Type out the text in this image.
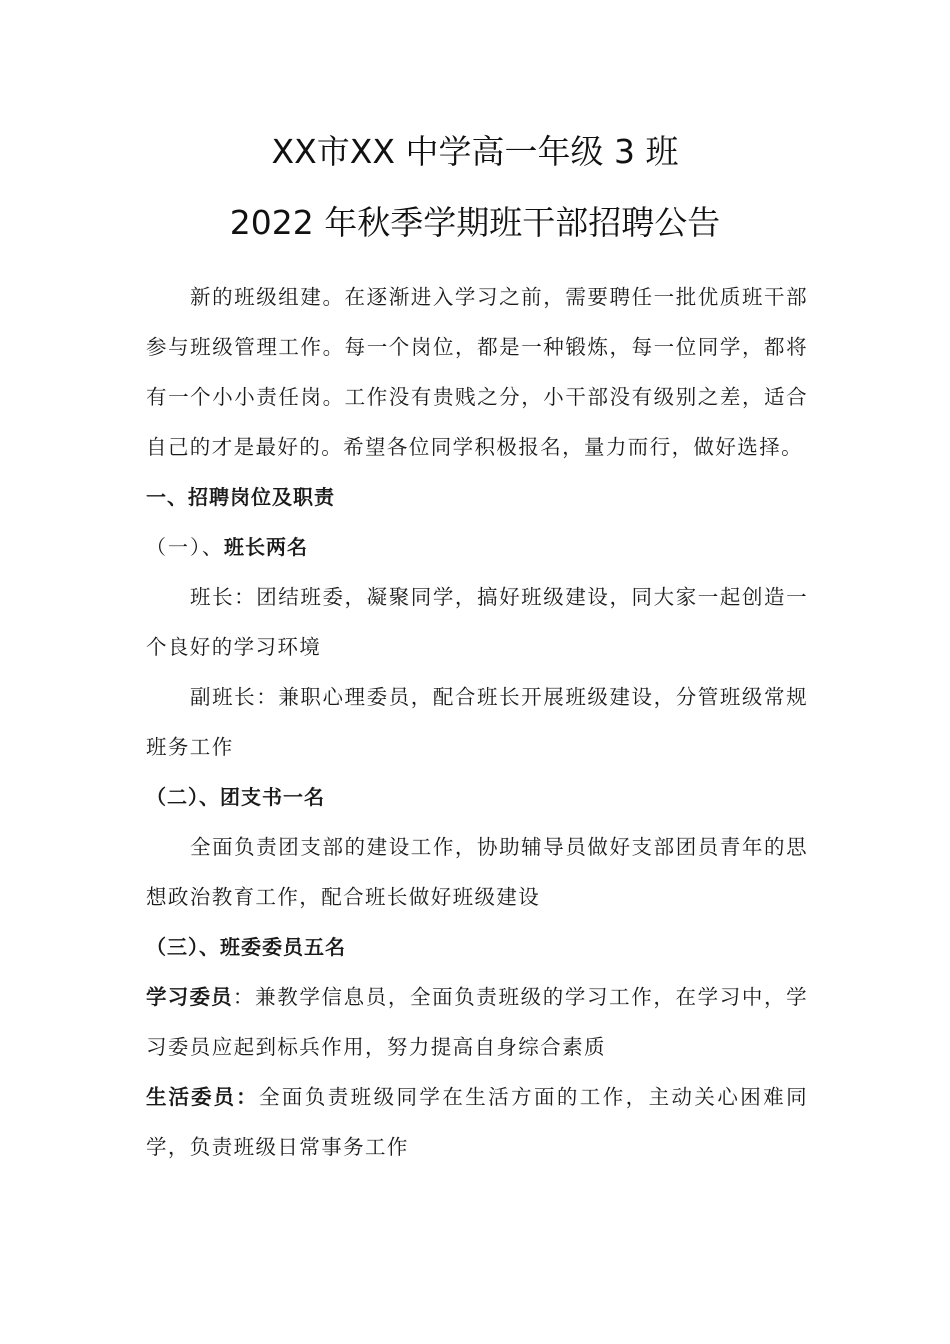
XX市XX 中学高一年级 3 班
2022 年秋季学期班干部招聘公告

新的班级组建。在逐渐进入学习之前，需要聘任一批优质班干部参与班级管理工作。每一个岗位，都是一种锻炼，每一位同学，都将有一个小小责任岗。工作没有贵贱之分，小干部没有级别之差，适合自己的才是最好的。希望各位同学积极报名，量力而行，做好选择。

一、招聘岗位及职责

（一）、班长两名

班长：团结班委，凝聚同学，搞好班级建设，同大家一起创造一个良好的学习环境

副班长：兼职心理委员，配合班长开展班级建设，分管班级常规班务工作

（二）、团支书一名

全面负责团支部的建设工作，协助辅导员做好支部团员青年的思想政治教育工作，配合班长做好班级建设

（三）、班委委员五名

学习委员：兼教学信息员，全面负责班级的学习工作，在学习中，学习委员应起到标兵作用，努力提高自身综合素质

生活委员：全面负责班级同学在生活方面的工作，主动关心困难同学，负责班级日常事务工作
